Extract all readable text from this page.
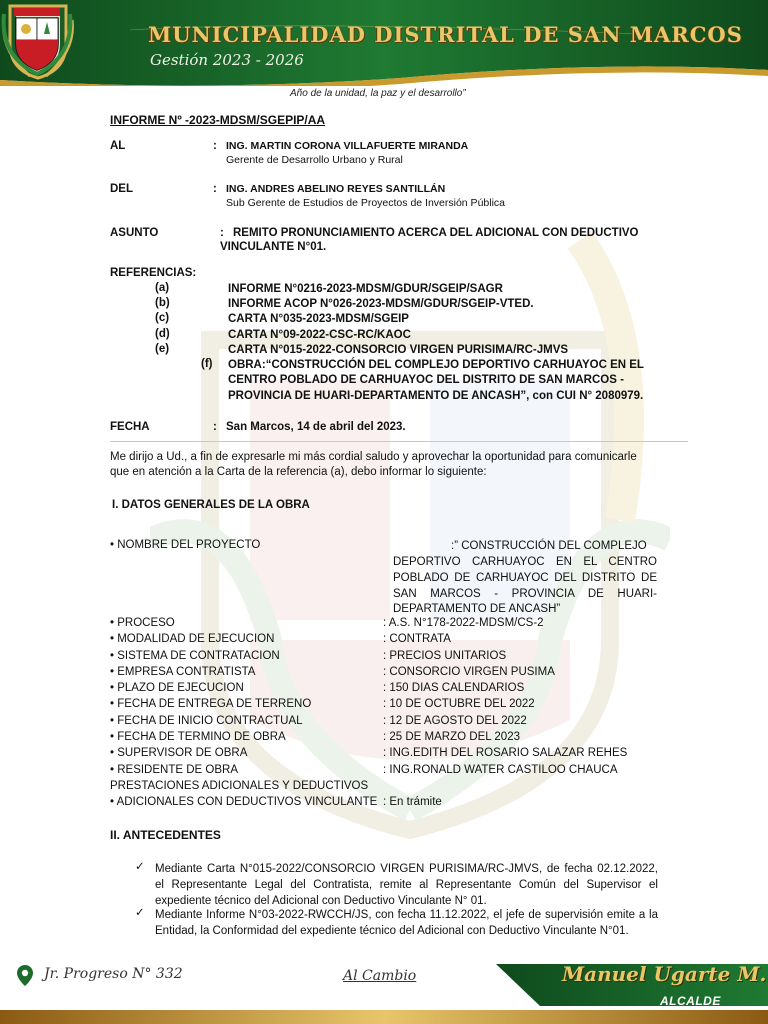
MUNICIPALIDAD DISTRITAL DE SAN MARCOS
Gestión 2023 - 2026
Año de la unidad, la paz y el desarrollo”
INFORME Nº -2023-MDSM/SGEPIP/AA
AL	: ING. MARTIN CORONA VILLAFUERTE MIRANDA
Gerente de Desarrollo Urbano y Rural
DEL	: ING. ANDRES ABELINO REYES SANTILLÁN
Sub Gerente de Estudios de Proyectos de Inversión Pública
ASUNTO	: REMITO PRONUNCIAMIENTO ACERCA DEL ADICIONAL CON DEDUCTIVO
VINCULANTE N°01.
REFERENCIAS:
(a)	INFORME N°0216-2023-MDSM/GDUR/SGEIP/SAGR
(b)	INFORME ACOP N°026-2023-MDSM/GDUR/SGEIP-VTED.
(c)	CARTA N°035-2023-MDSM/SGEIP
(d)	CARTA N°09-2022-CSC-RC/KAOC
(e)	CARTA N°015-2022-CONSORCIO VIRGEN PURISIMA/RC-JMVS
(f) OBRA:“CONSTRUCCIÓN DEL COMPLEJO DEPORTIVO CARHUAYOC EN EL
CENTRO POBLADO DE CARHUAYOC DEL DISTRITO DE SAN MARCOS -
PROVINCIA DE HUARI-DEPARTAMENTO DE ANCASH”, con CUI N° 2080979.
FECHA	: San Marcos, 14 de abril del 2023.
Me dirijo a Ud., a fin de expresarle mi más cordial saludo y aprovechar la oportunidad para comunicarle
que en atención a la Carta de la referencia (a), debo informar lo siguiente:
I. DATOS GENERALES DE LA OBRA
• NOMBRE DEL PROYECTO	:” CONSTRUCCIÓN DEL COMPLEJO
DEPORTIVO CARHUAYOC EN EL CENTRO
POBLADO DE CARHUAYOC DEL DISTRITO DE
SAN MARCOS - PROVINCIA DE HUARI-
DEPARTAMENTO DE ANCASH”
• PROCESO	: A.S. N°178-2022-MDSM/CS-2
• MODALIDAD DE EJECUCION	: CONTRATA
• SISTEMA DE CONTRATACION	: PRECIOS UNITARIOS
• EMPRESA CONTRATISTA	: CONSORCIO VIRGEN PUSIMA
• PLAZO DE EJECUCION	: 150 DIAS CALENDARIOS
• FECHA DE ENTREGA DE TERRENO	: 10 DE OCTUBRE DEL 2022
• FECHA DE INICIO CONTRACTUAL	: 12 DE AGOSTO DEL 2022
• FECHA DE TERMINO DE OBRA	: 25 DE MARZO DEL 2023
• SUPERVISOR DE OBRA	: ING.EDITH DEL ROSARIO SALAZAR REHES
• RESIDENTE DE OBRA	: ING.RONALD WATER CASTILOO CHAUCA
PRESTACIONES ADICIONALES Y DEDUCTIVOS
• ADICIONALES CON DEDUCTIVOS VINCULANTE : En trámite
II. ANTECEDENTES
✓ Mediante Carta N°015-2022/CONSORCIO VIRGEN PURISIMA/RC-JMVS, de fecha 02.12.2022, el Representante Legal del Contratista, remite al Representante Común del Supervisor el expediente técnico del Adicional con Deductivo Vinculante N° 01.
✓ Mediante Informe N°03-2022-RWCCH/JS, con fecha 11.12.2022, el jefe de supervisión emite a la Entidad, la Conformidad del expediente técnico del Adicional con Deductivo Vinculante N°01.
Jr. Progreso N° 332	Al Cambio	Manuel Ugarte M.
ALCALDE
